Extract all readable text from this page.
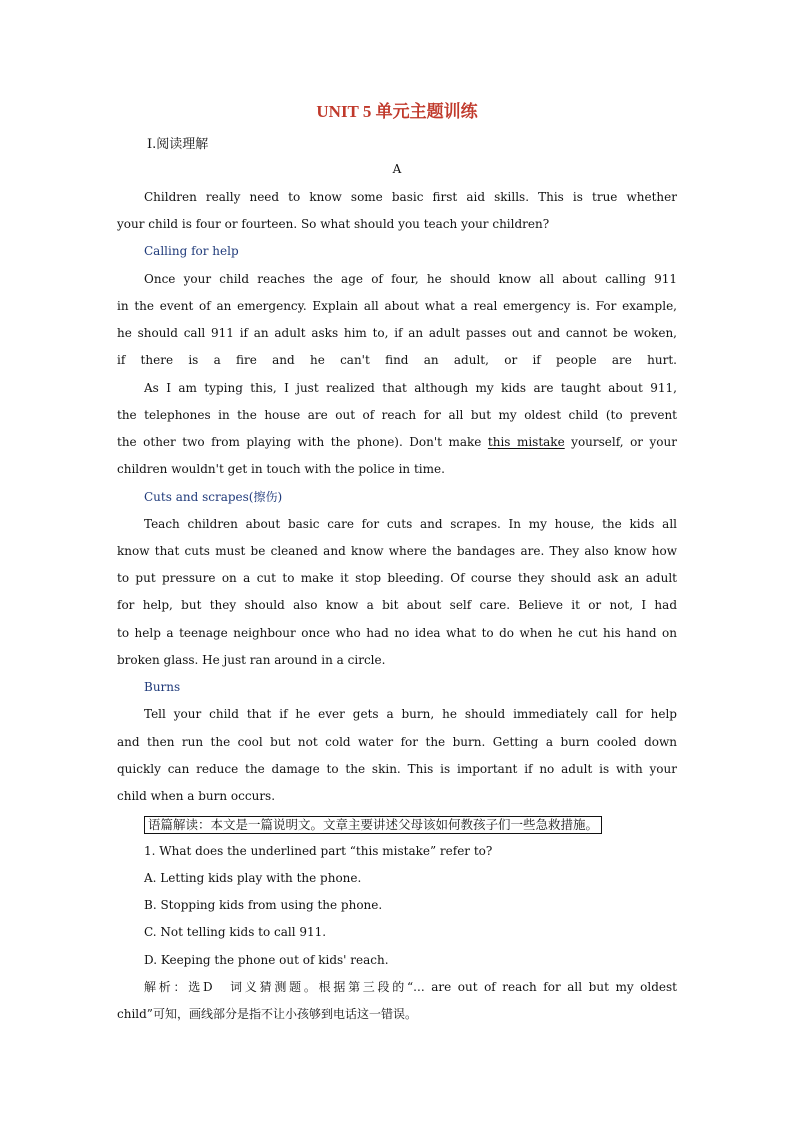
UNIT 5 单元主题训练
Ⅰ.阅读理解
A
Children really need to know some basic first aid skills. This is true whether
your child is four or fourteen. So what should you teach your children?
Calling for help
Once your child reaches the age of four, he should know all about calling 911
in the event of an emergency. Explain all about what a real emergency is. For example,
he should call 911 if an adult asks him to, if an adult passes out and cannot be woken,
if there is a fire and he can't find an adult, or if people are hurt.
As I am typing this, I just realized that although my kids are taught about 911,
the telephones in the house are out of reach for all but my oldest child (to prevent
the other two from playing with the phone). Don't make this mistake yourself, or your
children wouldn't get in touch with the police in time.
Cuts and scrapes(擦伤)
Teach children about basic care for cuts and scrapes. In my house, the kids all
know that cuts must be cleaned and know where the bandages are. They also know how
to put pressure on a cut to make it stop bleeding. Of course they should ask an adult
for help, but they should also know a bit about self care. Believe it or not, I had
to help a teenage neighbour once who had no idea what to do when he cut his hand on
broken glass. He just ran around in a circle.
Burns
Tell your child that if he ever gets a burn, he should immediately call for help
and then run the cool but not cold water for the burn. Getting a burn cooled down
quickly can reduce the damage to the skin. This is important if no adult is with your
child when a burn occurs.
语篇解读：本文是一篇说明文。文章主要讲述父母该如何教孩子们一些急救措施。
1. What does the underlined part “this mistake” refer to?
A. Letting kids play with the phone.
B. Stopping kids from using the phone.
C. Not telling kids to call 911.
D. Keeping the phone out of kids' reach.
解析：选D　词义猜测题。根据第三段的“... are out of reach for all but my oldest
child”可知，画线部分是指不让小孩够到电话这一错误。
